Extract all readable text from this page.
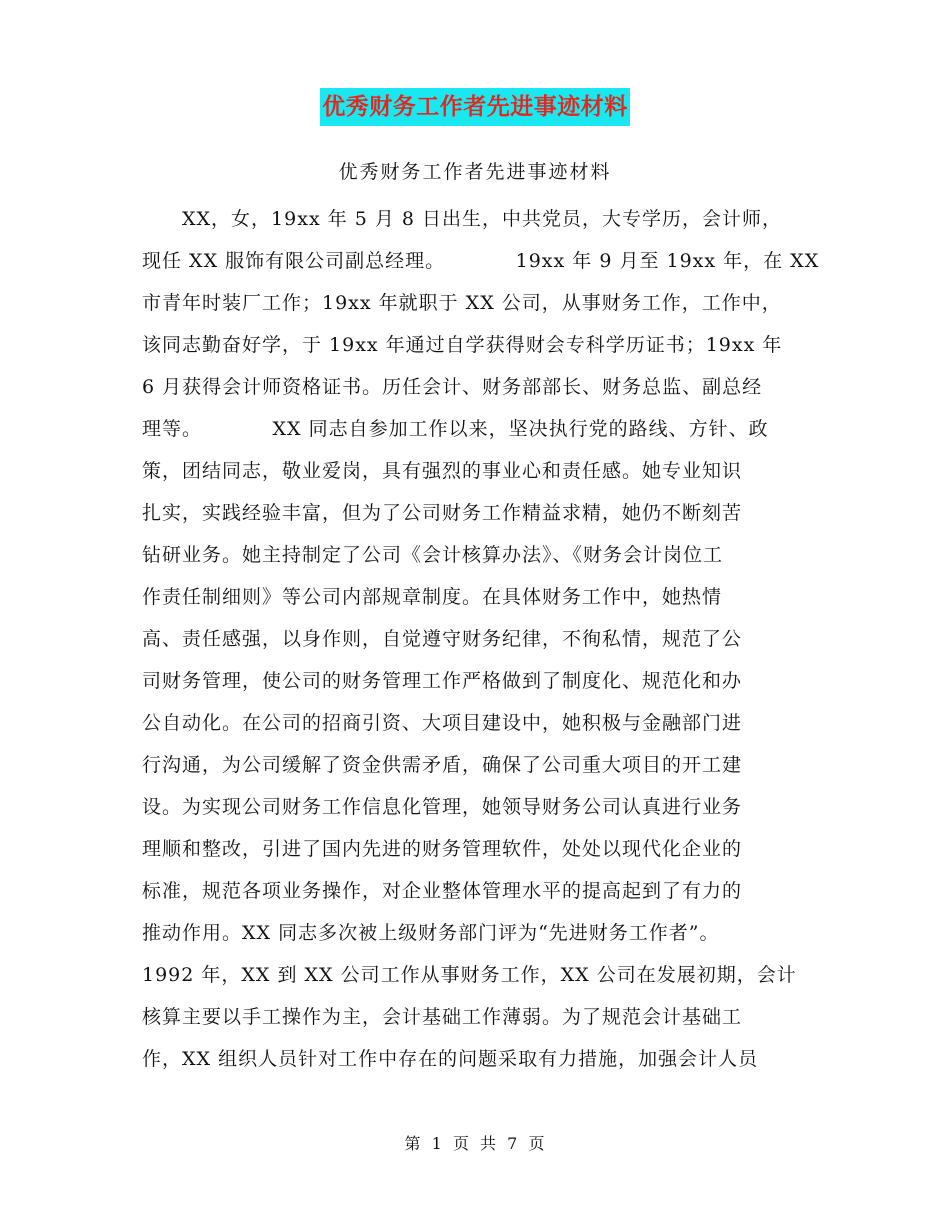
优秀财务工作者先进事迹材料
优秀财务工作者先进事迹材料
　　XX，女，19xx 年 5 月 8 日出生，中共党员，大专学历，会计师，
现任 XX 服饰有限公司副总经理。　　　　19xx 年 9 月至 19xx 年，在 XX
市青年时装厂工作；19xx 年就职于 XX 公司，从事财务工作，工作中，
该同志勤奋好学，于 19xx 年通过自学获得财会专科学历证书；19xx 年
6 月获得会计师资格证书。历任会计、财务部部长、财务总监、副总经
理等。　　　　XX 同志自参加工作以来，坚决执行党的路线、方针、政
策，团结同志，敬业爱岗，具有强烈的事业心和责任感。她专业知识
扎实，实践经验丰富，但为了公司财务工作精益求精，她仍不断刻苦
钻研业务。她主持制定了公司《会计核算办法》、《财务会计岗位工
作责任制细则》等公司内部规章制度。在具体财务工作中，她热情
高、责任感强，以身作则，自觉遵守财务纪律，不徇私情，规范了公
司财务管理，使公司的财务管理工作严格做到了制度化、规范化和办
公自动化。在公司的招商引资、大项目建设中，她积极与金融部门进
行沟通，为公司缓解了资金供需矛盾，确保了公司重大项目的开工建
设。为实现公司财务工作信息化管理，她领导财务公司认真进行业务
理顺和整改，引进了国内先进的财务管理软件，处处以现代化企业的
标准，规范各项业务操作，对企业整体管理水平的提高起到了有力的
推动作用。XX 同志多次被上级财务部门评为“先进财务工作者”。
1992 年，XX 到 XX 公司工作从事财务工作，XX 公司在发展初期，会计
核算主要以手工操作为主，会计基础工作薄弱。为了规范会计基础工
作，XX 组织人员针对工作中存在的问题采取有力措施，加强会计人员
第 1 页 共 7 页
